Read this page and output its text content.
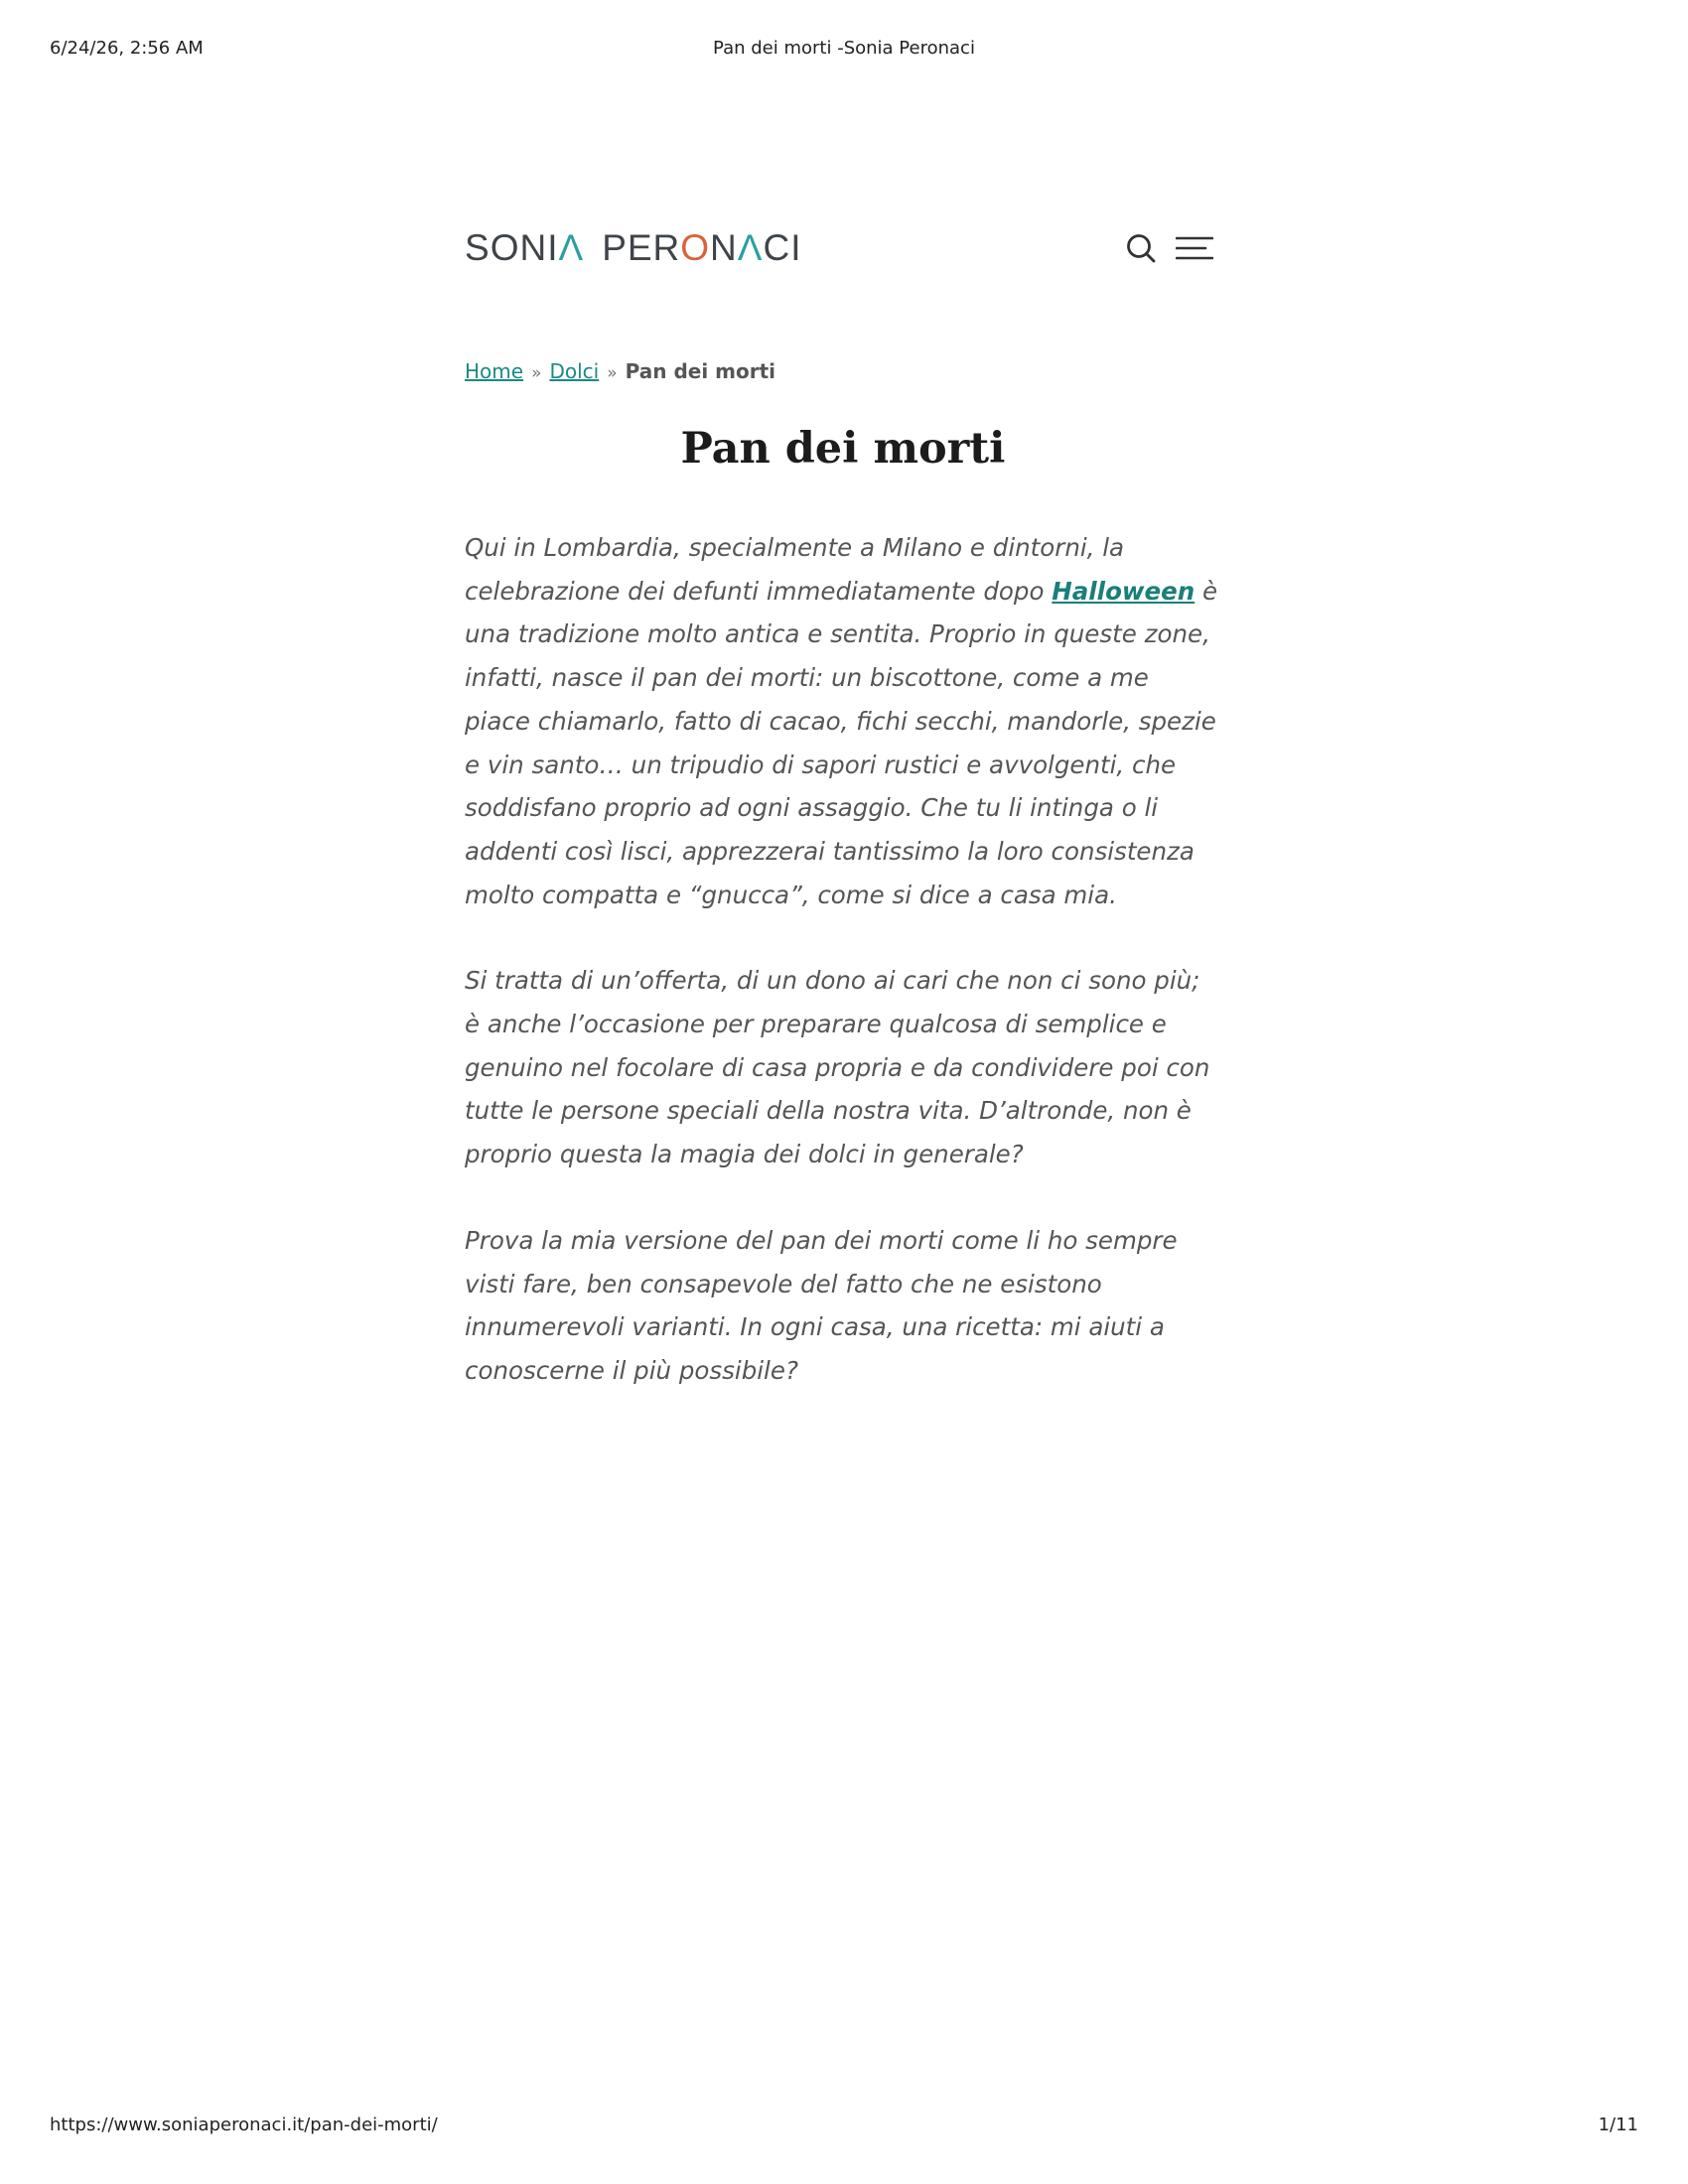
6/24/26, 2:56 AM	Pan dei morti -Sonia Peronaci
S O NI Λ PER O N Λ CI
Home » Dolci » Pan dei morti
Pan dei morti

Qui in Lombardia, specialmente a Milano e dintorni, la celebrazione dei defunti immediatamente dopo Halloween è una tradizione molto antica e sentita. Proprio in queste zone, infatti, nasce il pan dei morti: un biscottone, come a me piace chiamarlo, fatto di cacao, fichi secchi, mandorle, spezie e vin santo… un tripudio di sapori rustici e avvolgenti, che soddisfano proprio ad ogni assaggio. Che tu li intinga o li addenti così lisci, apprezzerai tantissimo la loro consistenza molto compatta e “gnucca”, come si dice a casa mia.

Si tratta di un’offerta, di un dono ai cari che non ci sono più; è anche l’occasione per preparare qualcosa di semplice e genuino nel focolare di casa propria e da condividere poi con tutte le persone speciali della nostra vita. D’altronde, non è proprio questa la magia dei dolci in generale?

Prova la mia versione del pan dei morti come li ho sempre visti fare, ben consapevole del fatto che ne esistono innumerevoli varianti. In ogni casa, una ricetta: mi aiuti a conoscerne il più possibile?

https://www.soniaperonaci.it/pan-dei-morti/	1/11
